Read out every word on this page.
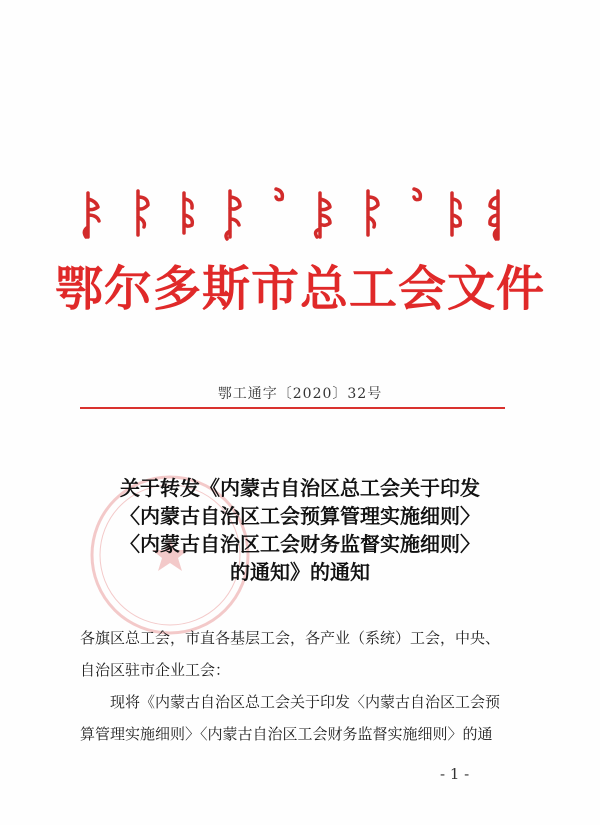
鄂尔多斯市总工会文件
鄂工通字〔2020〕32号
关于转发《内蒙古自治区总工会关于印发
〈内蒙古自治区工会预算管理实施细则〉
〈内蒙古自治区工会财务监督实施细则〉
的通知》的通知

各旗区总工会，市直各基层工会，各产业（系统）工会，中央、

自治区驻市企业工会：

现将《内蒙古自治区总工会关于印发〈内蒙古自治区工会预

算管理实施细则〉〈内蒙古自治区工会财务监督实施细则〉的通

- 1 -
